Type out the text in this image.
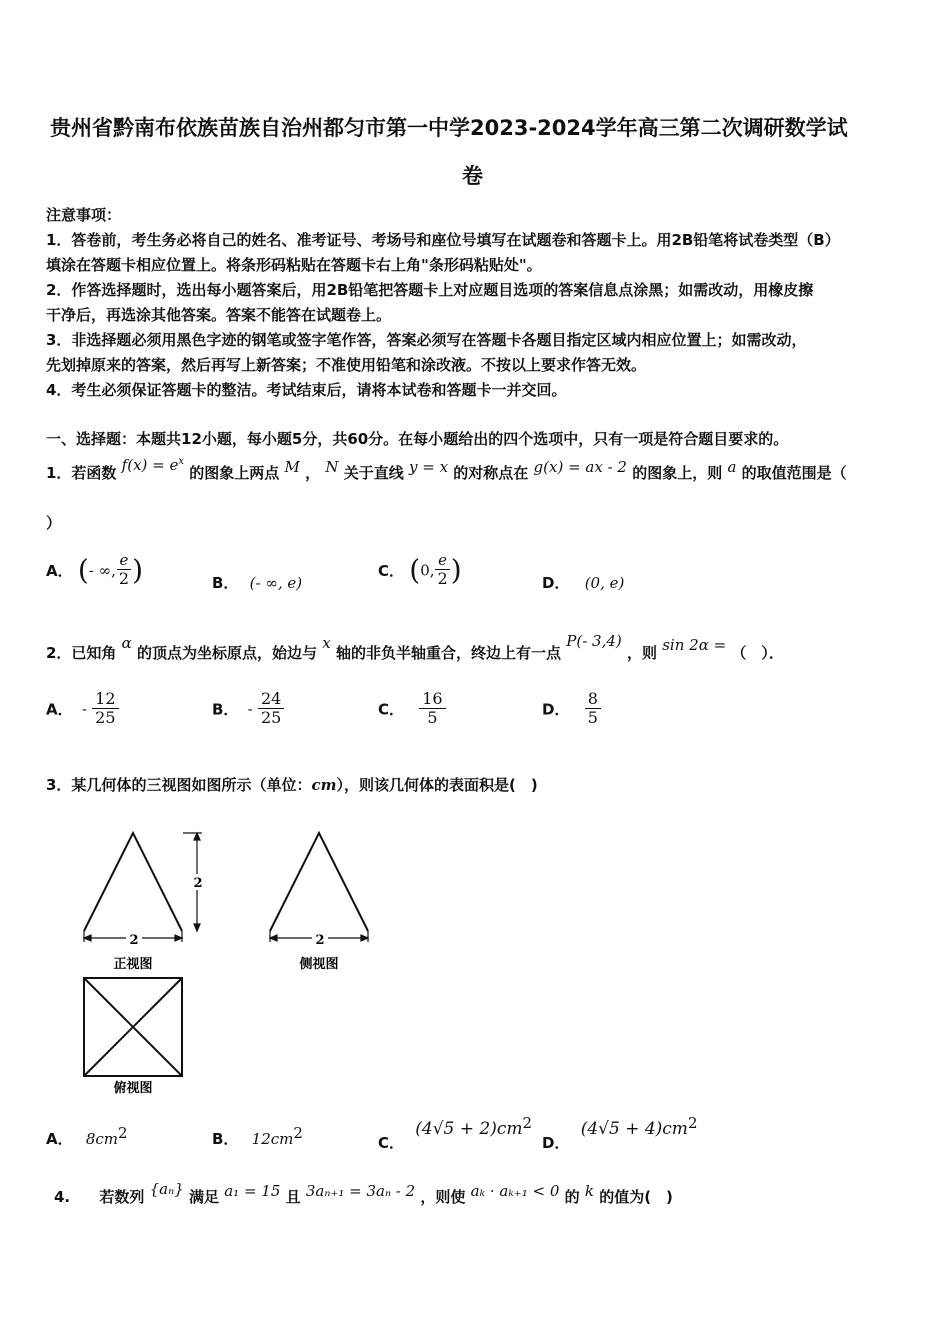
贵州省黔南布依族苗族自治州都匀市第一中学2023-2024学年高三第二次调研数学试
卷
注意事项：
1．答卷前，考生务必将自己的姓名、准考证号、考场号和座位号填写在试题卷和答题卡上。用2B铅笔将试卷类型（B）
填涂在答题卡相应位置上。将条形码粘贴在答题卡右上角"条形码粘贴处"。
2．作答选择题时，选出每小题答案后，用2B铅笔把答题卡上对应题目选项的答案信息点涂黑；如需改动，用橡皮擦
干净后，再选涂其他答案。答案不能答在试题卷上。
3．非选择题必须用黑色字迹的钢笔或签字笔作答，答案必须写在答题卡各题目指定区域内相应位置上；如需改动，
先划掉原来的答案，然后再写上新答案；不准使用铅笔和涂改液。不按以上要求作答无效。
4．考生必须保证答题卡的整洁。考试结束后，请将本试卷和答题卡一并交回。
一、选择题：本题共12小题，每小题5分，共60分。在每小题给出的四个选项中，只有一项是符合题目要求的。
1．若函数 $f(x) = e^x$ 的图象上两点 M ， N 关于直线 y = x 的对称点在 g(x) = ax - 2 的图象上，则 a 的取值范围是（
）
A． (- ∞, $\frac{e}{2}$ )	B． (- ∞, e)
C． (0, $\frac{e}{2}$ )	D． (0, e)
2．已知角 α 的顶点为坐标原点，始边与 x 轴的非负半轴重合，终边上有一点 P(- 3,4) ，则 sin 2α = （　）．
A． - $\frac{12}{25}$	B． - $\frac{24}{25}$	C． $\frac{16}{5}$	D． $\frac{8}{5}$
3．某几何体的三视图如图所示（单位：cm），则该几何体的表面积是(　)
2	2
2
正视图	侧视图
俯视图
A． $8cm^2$	B． $12cm^2$
C． $(4√5 + 2)cm^2$
D． $(4√5 + 4)cm^2$
4. 若数列 {aₙ} 满足 a₁ = 15 且 3aₙ₊₁ = 3aₙ - 2 ，则使 aₖ · aₖ₊₁ < 0 的 k 的值为(　)
